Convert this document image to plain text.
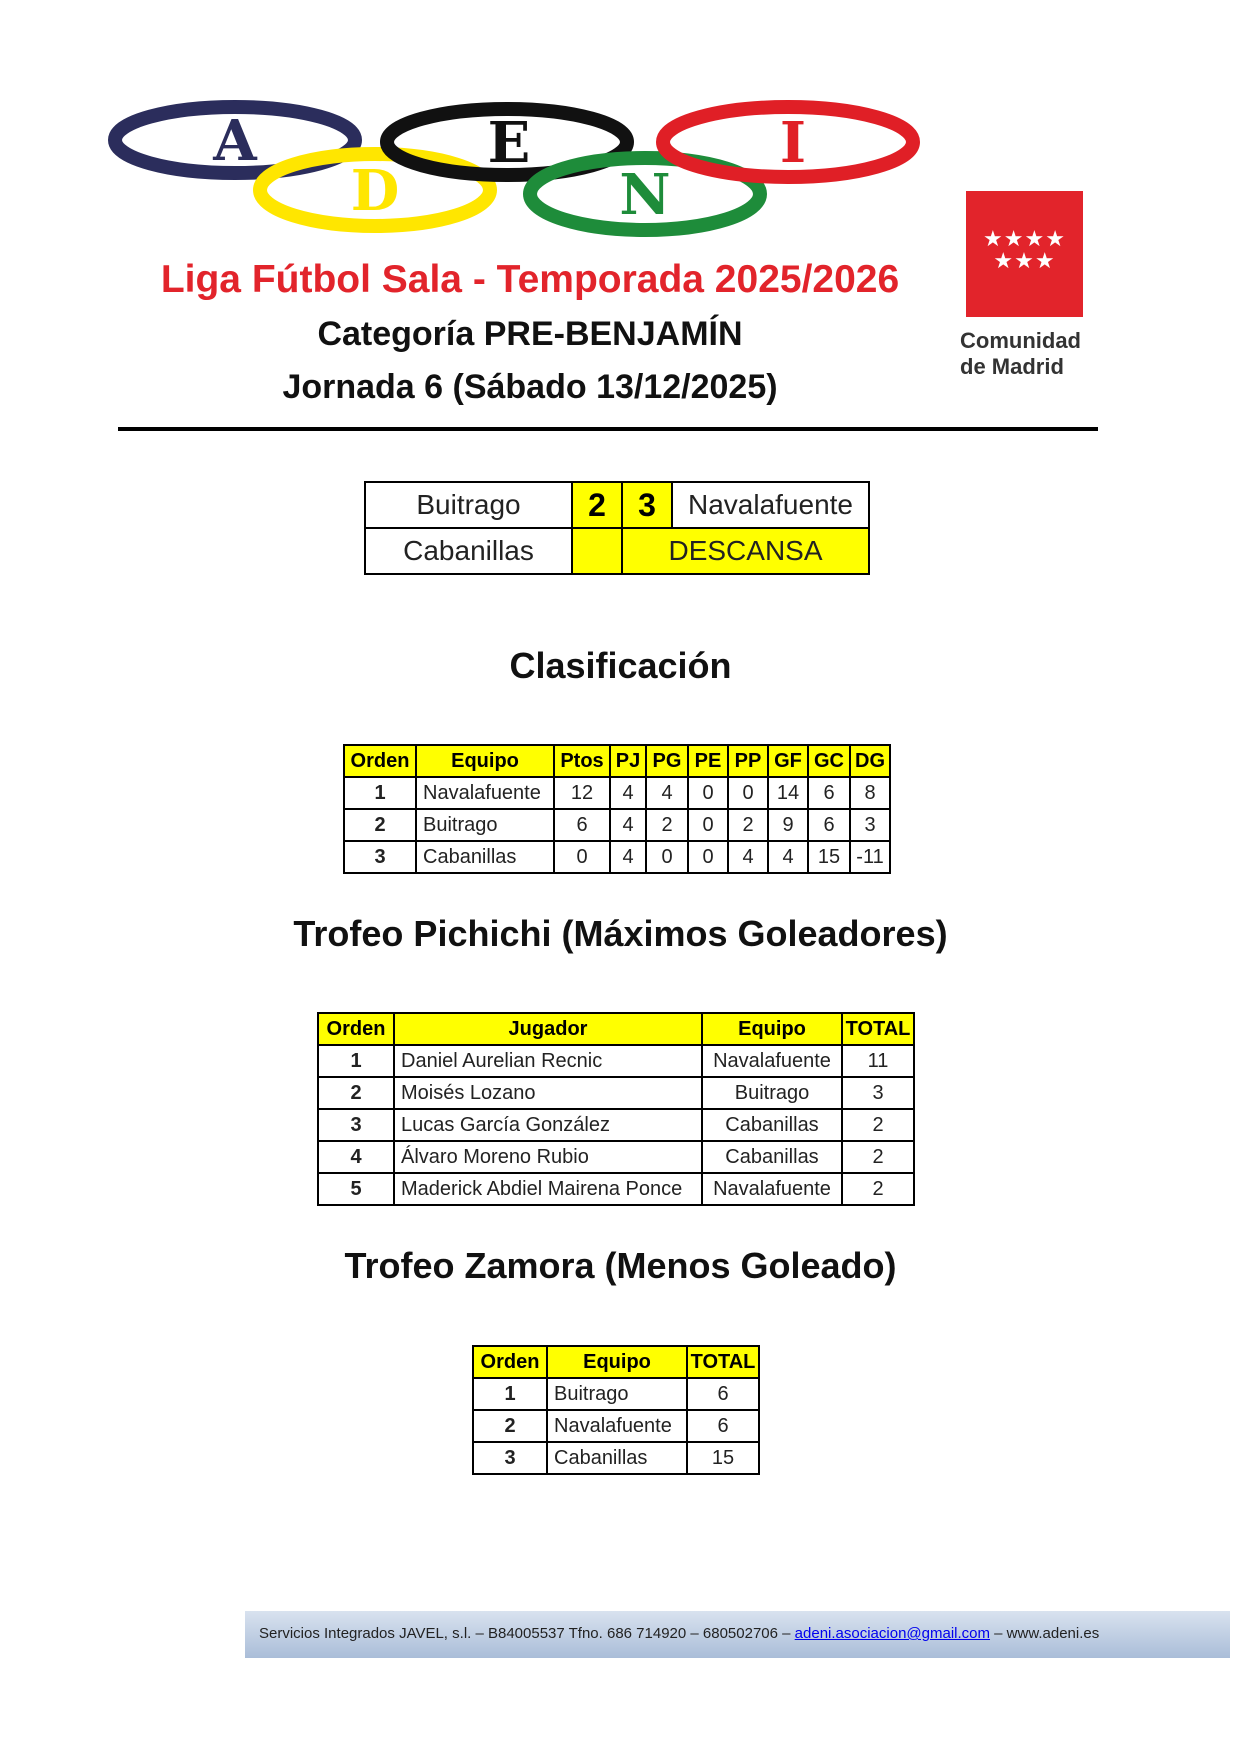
A
D
E
N
I
Liga Fútbol Sala - Temporada 2025/2026
Categoría PRE-BENJAMÍN
Jornada 6 (Sábado 13/12/2025)
★★★★
★★★
Comunidad
de Madrid
Buitrago	2	3	Navalafuente
Cabanillas		DESCANSA	
Clasificación
Orden	Equipo	Ptos	PJ	PG	PE	PP	GF	GC	DG
1	Navalafuente	12	4	4	0	0	14	6	8
2	Buitrago	6	4	2	0	2	9	6	3
3	Cabanillas	0	4	0	0	4	4	15	-11
Trofeo Pichichi (Máximos Goleadores)
Orden	Jugador	Equipo	TOTAL
1	Daniel Aurelian Recnic	Navalafuente	11
2	Moisés Lozano	Buitrago	3
3	Lucas García González	Cabanillas	2
4	Álvaro Moreno Rubio	Cabanillas	2
5	Maderick Abdiel Mairena Ponce	Navalafuente	2
Trofeo Zamora (Menos Goleado)
Orden	Equipo	TOTAL
1	Buitrago	6
2	Navalafuente	6
3	Cabanillas	15
Servicios Integrados JAVEL, s.l. – B84005537 Tfno. 686 714920 – 680502706 – adeni.asociacion@gmail.com – www.adeni.es
